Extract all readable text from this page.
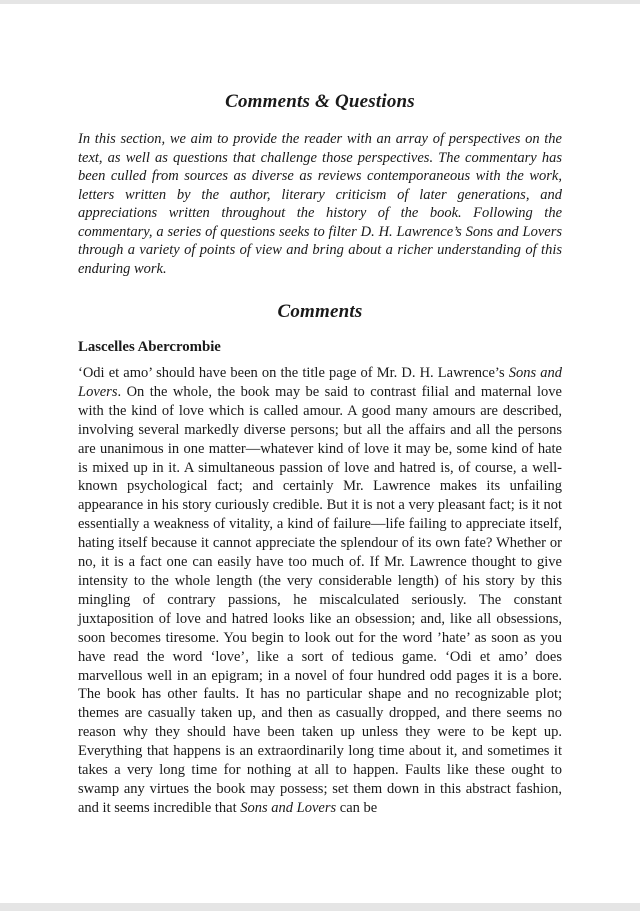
Comments & Questions

In this section, we aim to provide the reader with an array of perspectives on the text, as well as questions that challenge those perspectives. The commentary has been culled from sources as diverse as reviews contemporaneous with the work, letters written by the author, literary criticism of later generations, and appreciations written throughout the history of the book. Following the commentary, a series of questions seeks to filter D. H. Lawrence’s Sons and Lovers through a variety of points of view and bring about a richer understanding of this enduring work.

Comments
Lascelles Abercrombie

‘Odi et amo’ should have been on the title page of Mr. D. H. Lawrence’s Sons and Lovers. On the whole, the book may be said to contrast filial and maternal love with the kind of love which is called amour. A good many amours are described, involving several markedly diverse persons; but all the affairs and all the persons are unanimous in one matter—whatever kind of love it may be, some kind of hate is mixed up in it. A simultaneous passion of love and hatred is, of course, a well-known psychological fact; and certainly Mr. Lawrence makes its unfailing appearance in his story curiously credible. But it is not a very pleasant fact; is it not essentially a weakness of vitality, a kind of failure—life failing to appreciate itself, hating itself because it cannot appreciate the splendour of its own fate? Whether or no, it is a fact one can easily have too much of. If Mr. Lawrence thought to give intensity to the whole length (the very considerable length) of his story by this mingling of contrary passions, he miscalculated seriously. The constant juxtaposition of love and hatred looks like an obsession; and, like all obsessions, soon becomes tiresome. You begin to look out for the word ’hate’ as soon as you have read the word ‘love’, like a sort of tedious game. ‘Odi et amo’ does marvellous well in an epigram; in a novel of four hundred odd pages it is a bore. The book has other faults. It has no particular shape and no recognizable plot; themes are casually taken up, and then as casually dropped, and there seems no reason why they should have been taken up unless they were to be kept up. Everything that happens is an extraordinarily long time about it, and sometimes it takes a very long time for nothing at all to happen. Faults like these ought to swamp any virtues the book may possess; set them down in this abstract fashion, and it seems incredible that Sons and Lovers can be
